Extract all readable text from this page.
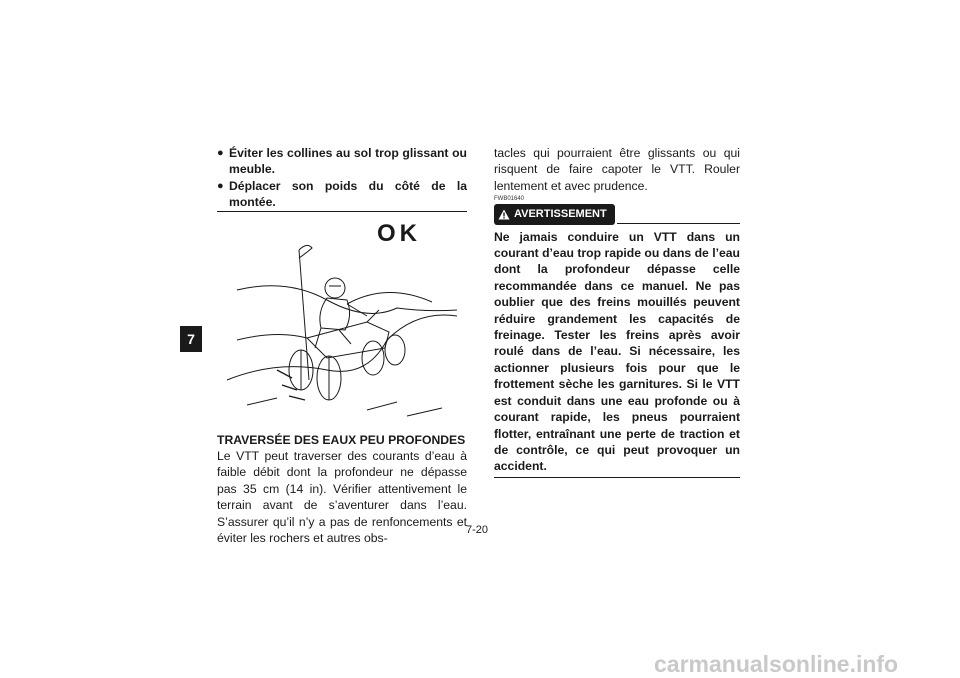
7
● Éviter les collines au sol trop glissant ou meuble.
● Déplacer son poids du côté de la montée.
OK
TRAVERSÉE DES EAUX PEU PROFONDES
Le VTT peut traverser des courants d’eau à faible débit dont la profondeur ne dépasse pas 35 cm (14 in). Vérifier attentivement le terrain avant de s’aventurer dans l’eau. S’assurer qu’il n’y a pas de renfoncements et éviter les rochers et autres obs-
tacles qui pourraient être glissants ou qui risquent de faire capoter le VTT. Rouler lentement et avec prudence.
FWB01640
AVERTISSEMENT
Ne jamais conduire un VTT dans un courant d’eau trop rapide ou dans de l’eau dont la profondeur dépasse celle recommandée dans ce manuel. Ne pas oublier que des freins mouillés peuvent réduire grandement les capacités de freinage. Tester les freins après avoir roulé dans de l’eau. Si nécessaire, les actionner plusieurs fois pour que le frottement sèche les garnitures. Si le VTT est conduit dans une eau profonde ou à courant rapide, les pneus pourraient flotter, entraînant une perte de traction et de contrôle, ce qui peut provoquer un accident.
7-20
carmanualsonline.info
